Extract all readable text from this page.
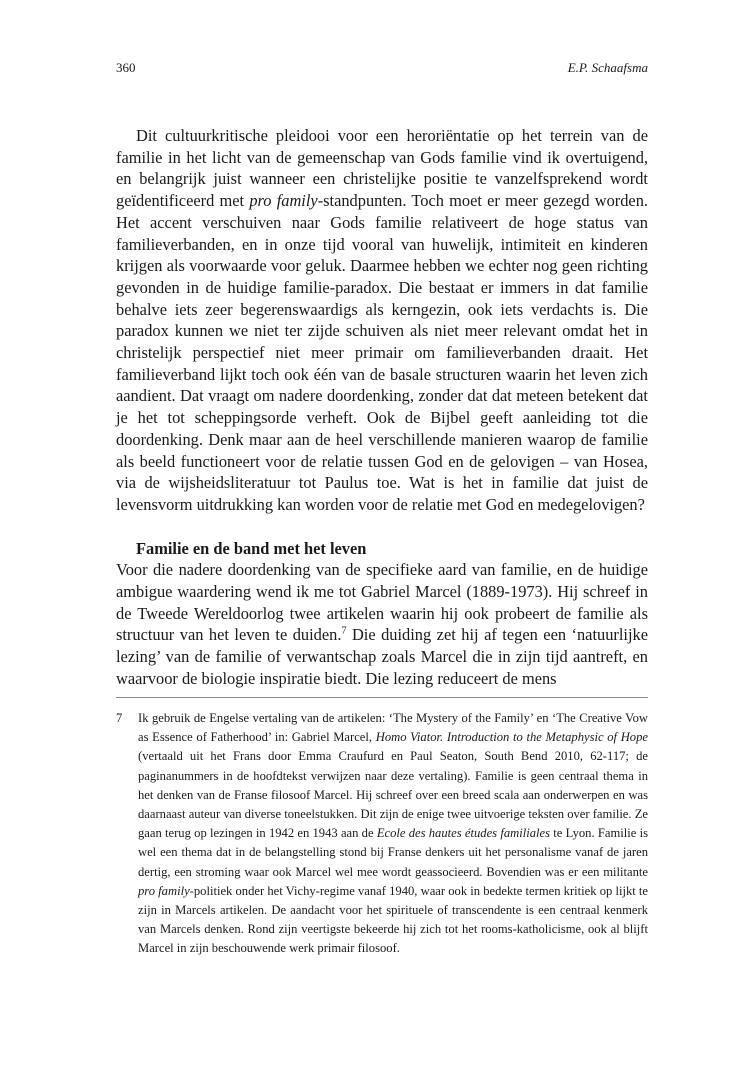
360	E.P. Schaafsma

Dit cultuurkritische pleidooi voor een heroriëntatie op het terrein van de familie in het licht van de gemeenschap van Gods familie vind ik overtuigend, en belangrijk juist wanneer een christelijke positie te vanzelfsprekend wordt geïdentificeerd met pro family-standpunten. Toch moet er meer gezegd worden. Het accent verschuiven naar Gods familie relativeert de hoge status van familieverbanden, en in onze tijd vooral van huwelijk, intimiteit en kinderen krijgen als voorwaarde voor geluk. Daarmee hebben we echter nog geen richting gevonden in de huidige familie-paradox. Die bestaat er immers in dat familie behalve iets zeer begerenswaardigs als kerngezin, ook iets verdachts is. Die paradox kunnen we niet ter zijde schuiven als niet meer relevant omdat het in christelijk perspectief niet meer primair om familieverbanden draait. Het familieverband lijkt toch ook één van de basale structuren waarin het leven zich aandient. Dat vraagt om nadere doordenking, zonder dat dat meteen betekent dat je het tot scheppingsorde verheft. Ook de Bijbel geeft aanleiding tot die doordenking. Denk maar aan de heel verschillende manieren waarop de familie als beeld functioneert voor de relatie tussen God en de gelovigen – van Hosea, via de wijsheidsliteratuur tot Paulus toe. Wat is het in familie dat juist de levensvorm uitdrukking kan worden voor de relatie met God en medegelovigen?

Familie en de band met het leven

Voor die nadere doordenking van de specifieke aard van familie, en de huidige ambigue waardering wend ik me tot Gabriel Marcel (1889-1973). Hij schreef in de Tweede Wereldoorlog twee artikelen waarin hij ook probeert de familie als structuur van het leven te duiden.$^7$ Die duiding zet hij af tegen een ‘natuurlijke lezing’ van de familie of verwantschap zoals Marcel die in zijn tijd aantreft, en waarvoor de biologie inspiratie biedt. Die lezing reduceert de mens

7 Ik gebruik de Engelse vertaling van de artikelen: ‘The Mystery of the Family’ en ‘The Creative Vow as Essence of Fatherhood’ in: Gabriel Marcel, Homo Viator. Introduction to the Metaphysic of Hope (vertaald uit het Frans door Emma Craufurd en Paul Seaton, South Bend 2010, 62-117; de paginanummers in de hoofdtekst verwijzen naar deze vertaling). Familie is geen centraal thema in het denken van de Franse filosoof Marcel. Hij schreef over een breed scala aan onderwerpen en was daarnaast auteur van diverse toneelstukken. Dit zijn de enige twee uitvoerige teksten over familie. Ze gaan terug op lezingen in 1942 en 1943 aan de Ecole des hautes études familiales te Lyon. Familie is wel een thema dat in de belangstelling stond bij Franse denkers uit het personalisme vanaf de jaren dertig, een stroming waar ook Marcel wel mee wordt geassocieerd. Bovendien was er een militante pro family-politiek onder het Vichy-regime vanaf 1940, waar ook in bedekte termen kritiek op lijkt te zijn in Marcels artikelen. De aandacht voor het spirituele of transcendente is een centraal kenmerk van Marcels denken. Rond zijn veertigste bekeerde hij zich tot het rooms-katholicisme, ook al blijft Marcel in zijn beschouwende werk primair filosoof.
